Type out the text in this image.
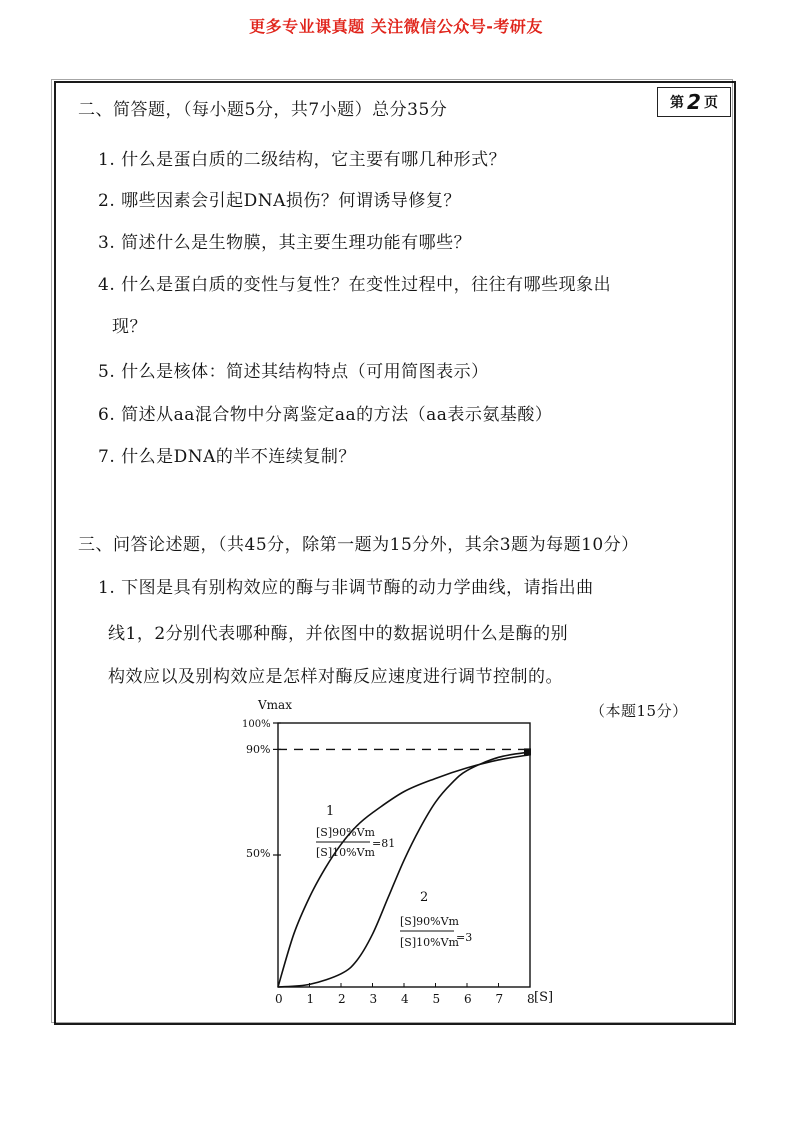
更多专业课真题 关注微信公众号-考研友
第 2 页
二、简答题，（每小题5分，共7小题）总分35分
1. 什么是蛋白质的二级结构，它主要有哪几种形式？
2. 哪些因素会引起DNA损伤？何谓诱导修复？
3. 简述什么是生物膜，其主要生理功能有哪些？
4. 什么是蛋白质的变性与复性？在变性过程中，往往有哪些现象出
现？
5. 什么是核体：简述其结构特点（可用简图表示）
6. 简述从aa混合物中分离鉴定aa的方法（aa表示氨基酸）
7. 什么是DNA的半不连续复制？
三、问答论述题，（共45分，除第一题为15分外，其余3题为每题10分）
1. 下图是具有别构效应的酶与非调节酶的动力学曲线，请指出曲
线1，2分别代表哪种酶，并依图中的数据说明什么是酶的别
构效应以及别构效应是怎样对酶反应速度进行调节控制的。
（本题15分）
Vmax
[S]
100%
90%
50%
0 1 2 3 4 5 6 7 8
1
[S]90%Vm
[S]10%Vm
=81
2
[S]90%Vm
[S]10%Vm
=3
